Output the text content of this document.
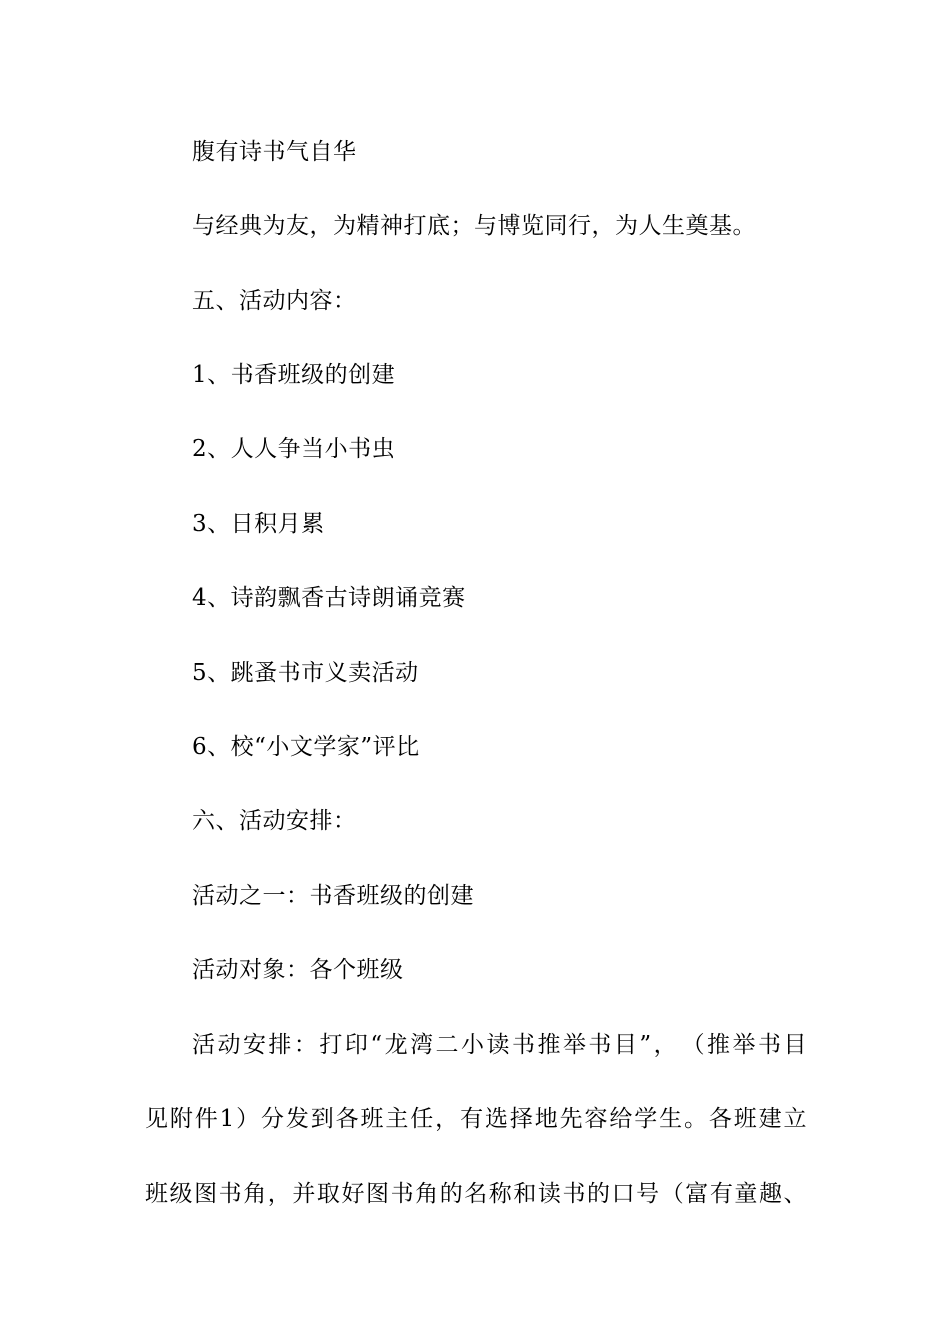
腹有诗书气自华
与经典为友，为精神打底；与博览同行，为人生奠基。
五、活动内容：
1、书香班级的创建
2、人人争当小书虫
3、日积月累
4、诗韵飘香古诗朗诵竞赛
5、跳蚤书市义卖活动
6、校“小文学家”评比
六、活动安排：
活动之一：书香班级的创建
活动对象：各个班级
活动安排：打印“龙湾二小读书推举书目”，　（推举书目
见附件1）分发到各班主任，有选择地先容给学生。各班建立
班级图书角，并取好图书角的名称和读书的口号（富有童趣、
